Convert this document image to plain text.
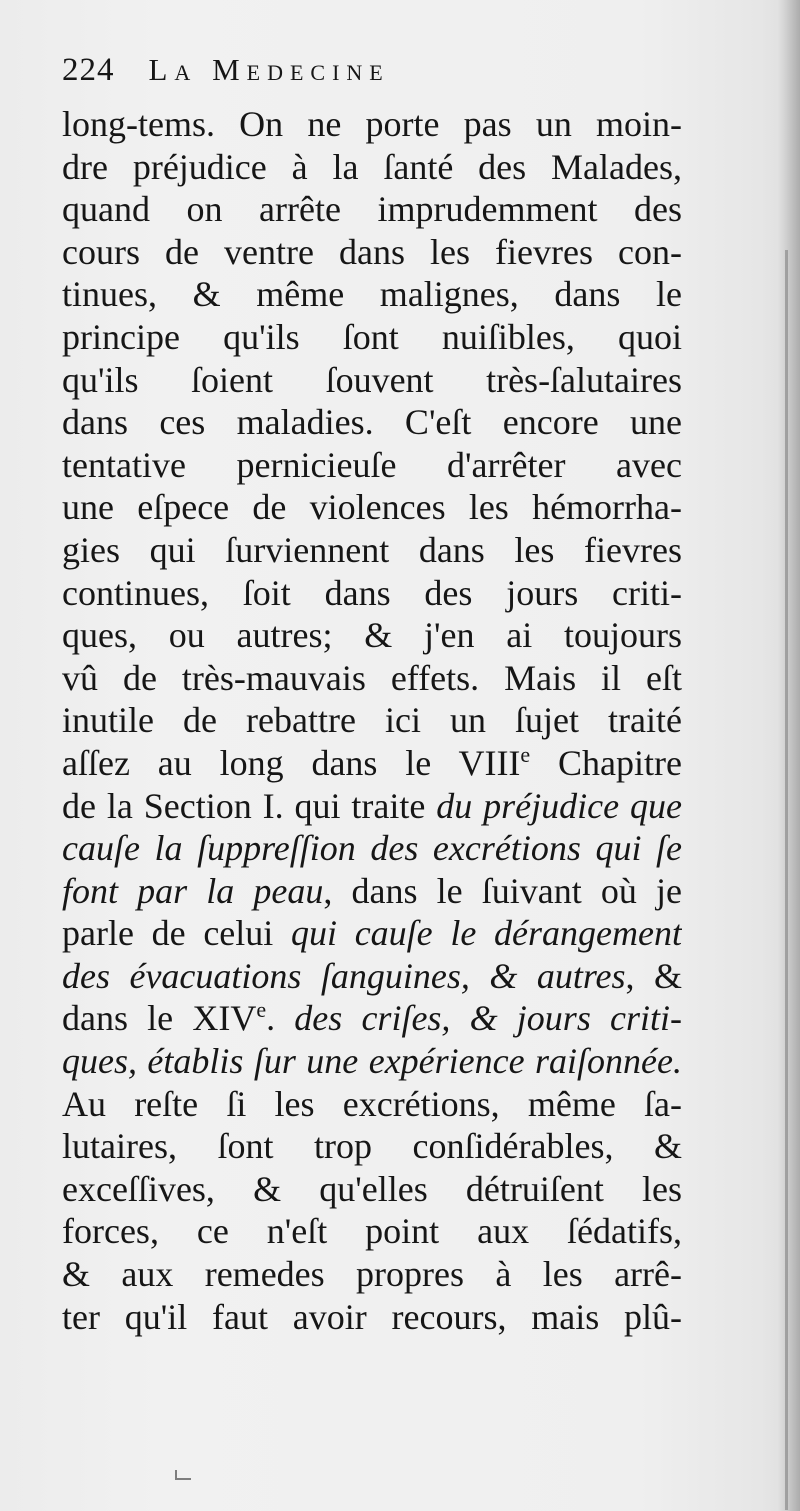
224 La Medecine
long-tems. On ne porte pas un moin-
dre préjudice à la ſanté des Malades,
quand on arrête imprudemment des
cours de ventre dans les fievres con-
tinues, & même malignes, dans le
principe qu'ils ſont nuiſibles, quoi
qu'ils ſoient ſouvent très-ſalutaires
dans ces maladies. C'eſt encore une
tentative pernicieuſe d'arrêter avec
une eſpece de violences les hémorrha-
gies qui ſurviennent dans les fievres
continues, ſoit dans des jours criti-
ques, ou autres; & j'en ai toujours
vû de très-mauvais effets. Mais il eſt
inutile de rebattre ici un ſujet traité
aſſez au long dans le VIIIe Chapitre
de la Section I. qui traite du préjudice que
cauſe la ſuppreſſion des excrétions qui ſe
font par la peau, dans le ſuivant où je
parle de celui qui cauſe le dérangement
des évacuations ſanguines, & autres, &
dans le XIVe. des criſes, & jours criti-
ques, établis ſur une expérience raiſonnée.
Au reſte ſi les excrétions, même ſa-
lutaires, ſont trop conſidérables, &
exceſſives, & qu'elles détruiſent les
forces, ce n'eſt point aux ſédatifs,
& aux remedes propres à les arrê-
ter qu'il faut avoir recours, mais plû-
